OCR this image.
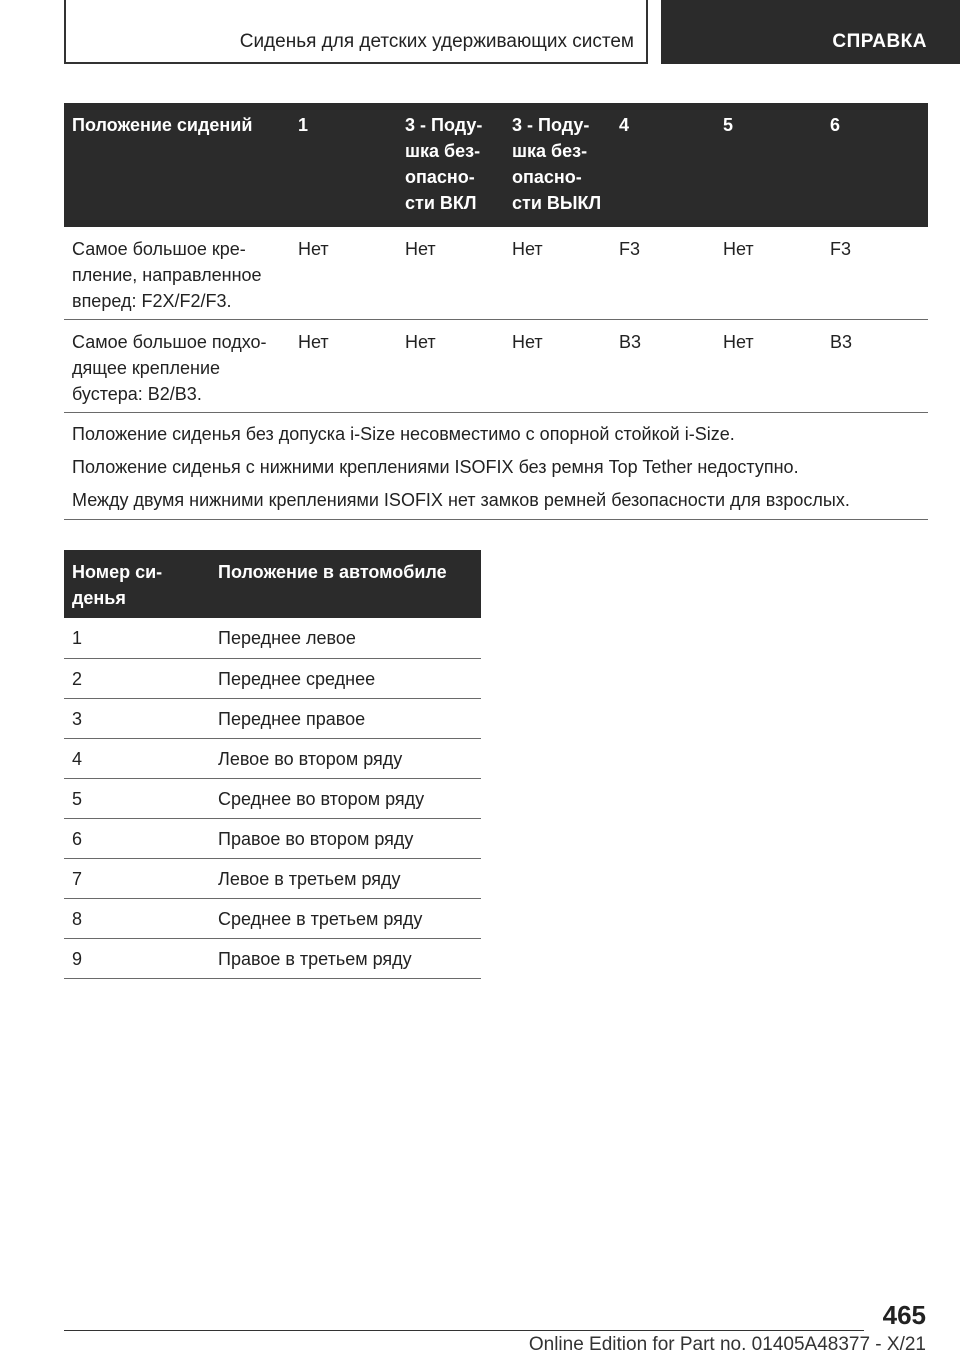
Сиденья для детских удерживающих систем	СПРАВКА
Положение сидений	1	3 - Поду-шка без-опасно-сти ВКЛ	3 - Поду-шка без-опасно-сти ВЫКЛ	4	5	6
Самое большое кре-пление, направленное вперед: F2X/F2/F3.	Нет	Нет	Нет	F3	Нет	F3
Самое большое подхо-дящее крепление бустера: B2/B3.	Нет	Нет	Нет	B3	Нет	B3

Положение сиденья без допуска i-Size несовместимо с опорной стойкой i-Size.

Положение сиденья с нижними креплениями ISOFIX без ремня Top Tether недоступно.

Между двумя нижними креплениями ISOFIX нет замков ремней безопасности для взрослых.						

Номер си-денья	Положение в автомобиле
1	Переднее левое
2	Переднее среднее
3	Переднее правое
4	Левое во втором ряду
5	Среднее во втором ряду
6	Правое во втором ряду
7	Левое в третьем ряду
8	Среднее в третьем ряду
9	Правое в третьем ряду
465
Online Edition for Part no. 01405A48377 - X/21
